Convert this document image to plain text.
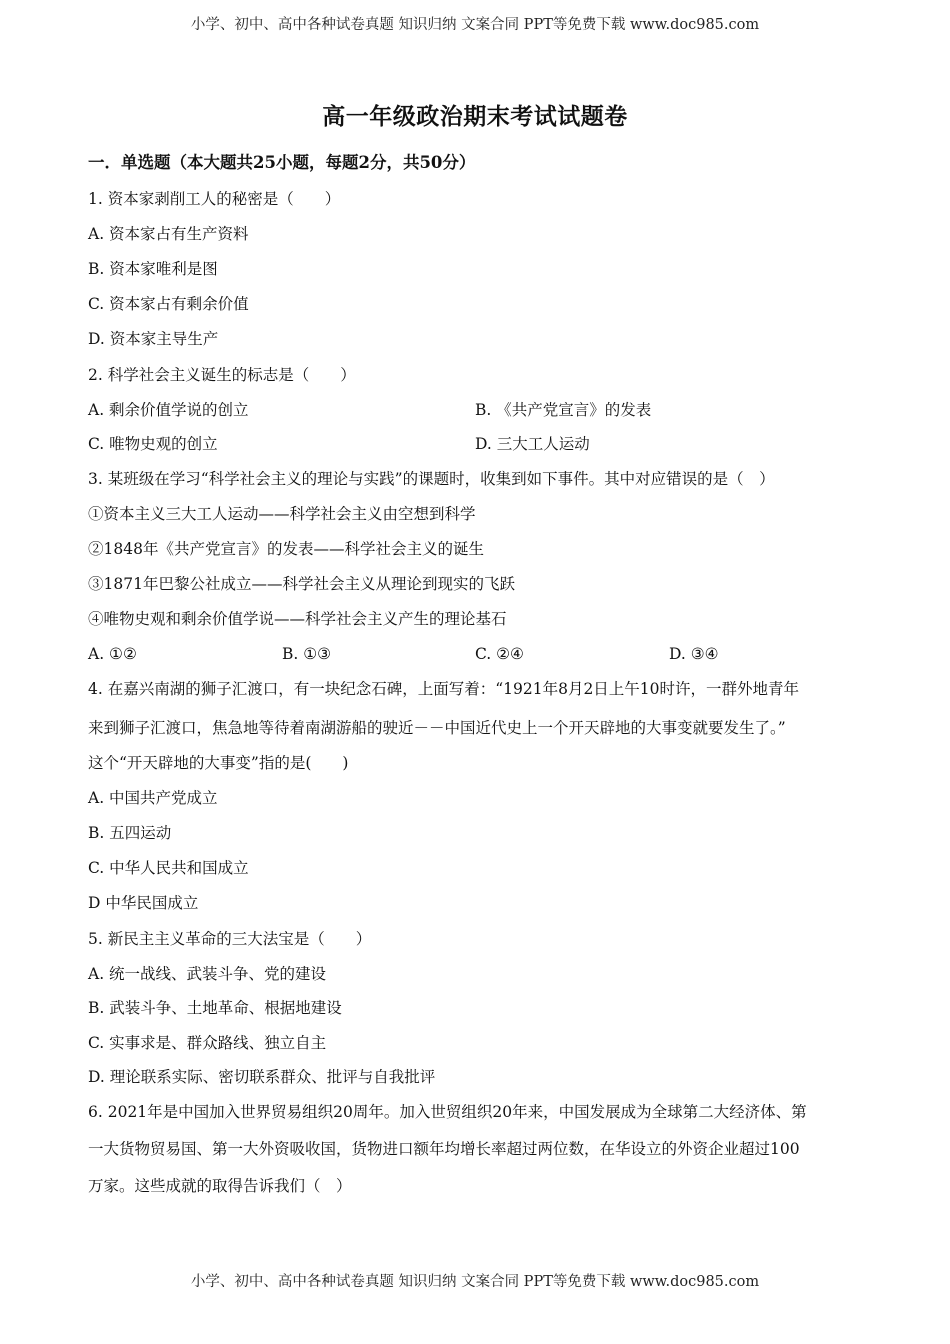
小学、初中、高中各种试卷真题 知识归纳 文案合同 PPT等免费下载 www.doc985.com
高一年级政治期末考试试题卷
一．单选题（本大题共25小题，每题2分，共50分）
1. 资本家剥削工人的秘密是（　　）
A. 资本家占有生产资料
B. 资本家唯利是图
C. 资本家占有剩余价值
D. 资本家主导生产
2. 科学社会主义诞生的标志是（　　）
A. 剩余价值学说的创立	B. 《共产党宣言》的发表
C. 唯物史观的创立	D. 三大工人运动
3. 某班级在学习“科学社会主义的理论与实践”的课题时，收集到如下事件。其中对应错误的是（　）
①资本主义三大工人运动——科学社会主义由空想到科学
②1848年《共产党宣言》的发表——科学社会主义的诞生
③1871年巴黎公社成立——科学社会主义从理论到现实的飞跃
④唯物史观和剩余价值学说——科学社会主义产生的理论基石
A. ①②	B. ①③	C. ②④	D. ③④
4. 在嘉兴南湖的狮子汇渡口，有一块纪念石碑，上面写着：“1921年8月2日上午10时许，一群外地青年
来到狮子汇渡口，焦急地等待着南湖游船的驶近－－中国近代史上一个开天辟地的大事变就要发生了。”
这个“开天辟地的大事变”指的是(　　)
A. 中国共产党成立
B. 五四运动
C. 中华人民共和国成立
D 中华民国成立
5. 新民主主义革命的三大法宝是（　　）
A. 统一战线、武装斗争、党的建设
B. 武装斗争、土地革命、根据地建设
C. 实事求是、群众路线、独立自主
D. 理论联系实际、密切联系群众、批评与自我批评
6. 2021年是中国加入世界贸易组织20周年。加入世贸组织20年来，中国发展成为全球第二大经济体、第
一大货物贸易国、第一大外资吸收国，货物进口额年均增长率超过两位数，在华设立的外资企业超过100
万家。这些成就的取得告诉我们（　）
小学、初中、高中各种试卷真题 知识归纳 文案合同 PPT等免费下载 www.doc985.com
